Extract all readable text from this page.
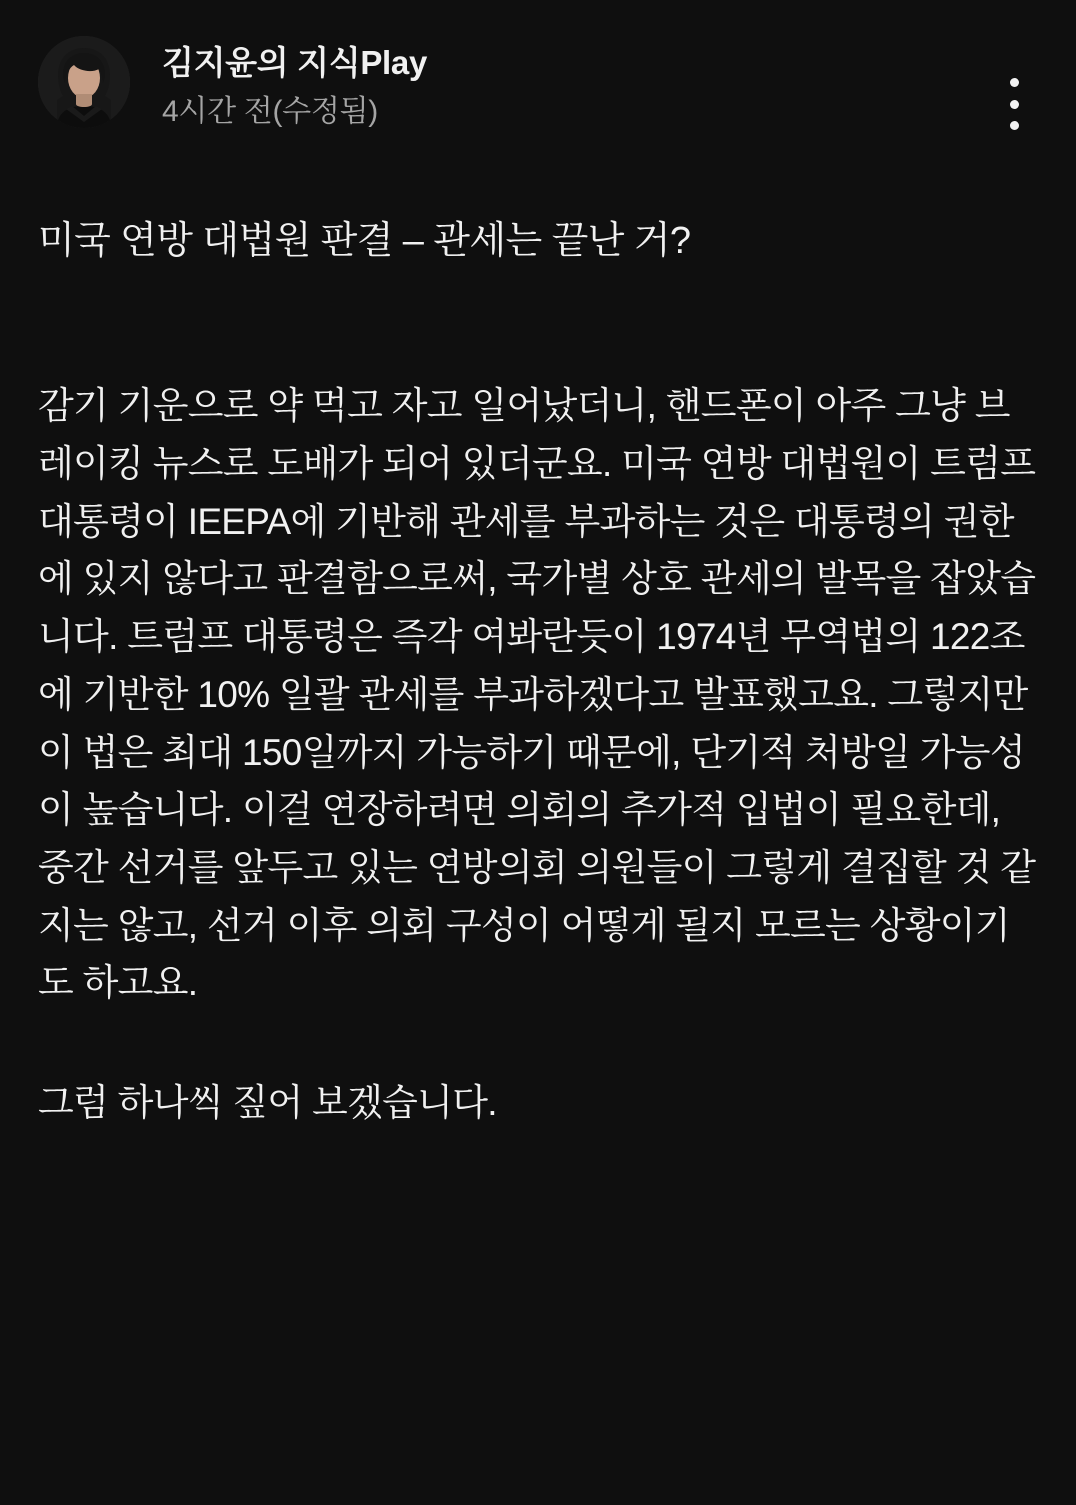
김지윤의 지식Play
4시간 전(수정됨)
미국 연방 대법원 판결 – 관세는 끝난 거?
감기 기운으로 약 먹고 자고 일어났더니, 핸드폰이 아주 그냥 브레이킹 뉴스로 도배가 되어 있더군요. 미국 연방 대법원이 트럼프 대통령이 IEEPA에 기반해 관세를 부과하는 것은 대통령의 권한에 있지 않다고 판결함으로써, 국가별 상호 관세의 발목을 잡았습니다. 트럼프 대통령은 즉각 여봐란듯이 1974년 무역법의 122조에 기반한 10% 일괄 관세를 부과하겠다고 발표했고요. 그렇지만 이 법은 최대 150일까지 가능하기 때문에, 단기적 처방일 가능성이 높습니다. 이걸 연장하려면 의회의 추가적 입법이 필요한데, 중간 선거를 앞두고 있는 연방의회 의원들이 그렇게 결집할 것 같지는 않고, 선거 이후 의회 구성이 어떻게 될지 모르는 상황이기도 하고요.
그럼 하나씩 짚어 보겠습니다.
